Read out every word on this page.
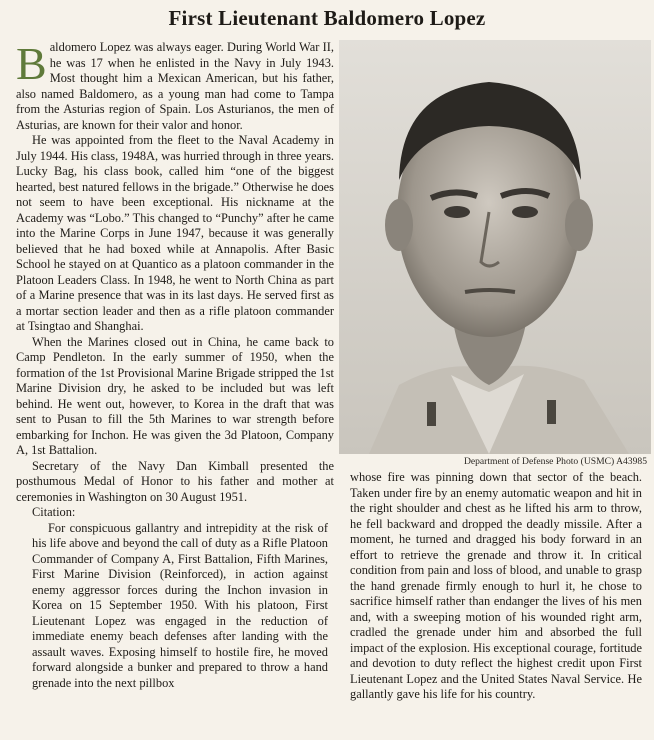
First Lieutenant Baldomero Lopez

Baldomero Lopez was always eager. During World War II, he was 17 when he enlisted in the Navy in July 1943. Most thought him a Mexican American, but his father, also named Baldomero, as a young man had come to Tampa from the Asturias region of Spain. Los Asturianos, the men of Asturias, are known for their valor and honor.

He was appointed from the fleet to the Naval Academy in July 1944. His class, 1948A, was hurried through in three years. Lucky Bag, his class book, called him “one of the biggest hearted, best natured fellows in the brigade.” Otherwise he does not seem to have been exceptional. His nickname at the Academy was “Lobo.” This changed to “Punchy” after he came into the Marine Corps in June 1947, because it was generally believed that he had boxed while at Annapolis. After Basic School he stayed on at Quantico as a platoon commander in the Platoon Leaders Class. In 1948, he went to North China as part of a Marine presence that was in its last days. He served first as a mortar section leader and then as a rifle platoon commander at Tsingtao and Shanghai.

When the Marines closed out in China, he came back to Camp Pendleton. In the early summer of 1950, when the formation of the 1st Provisional Marine Brigade stripped the 1st Marine Division dry, he asked to be included but was left behind. He went out, however, to Korea in the draft that was sent to Pusan to fill the 5th Marines to war strength before embarking for Inchon. He was given the 3d Platoon, Company A, 1st Battalion.

Secretary of the Navy Dan Kimball presented the posthumous Medal of Honor to his father and mother at ceremonies in Washington on 30 August 1951.

Citation:

For conspicuous gallantry and intrepidity at the risk of his life above and beyond the call of duty as a Rifle Platoon Commander of Company A, First Battalion, Fifth Marines, First Marine Division (Reinforced), in action against enemy aggressor forces during the Inchon invasion in Korea on 15 September 1950. With his platoon, First Lieutenant Lopez was engaged in the reduction of immediate enemy beach defenses after landing with the assault waves. Exposing himself to hostile fire, he moved forward alongside a bunker and prepared to throw a hand grenade into the next pillbox

Department of Defense Photo (USMC) A43985

whose fire was pinning down that sector of the beach. Taken under fire by an enemy automatic weapon and hit in the right shoulder and chest as he lifted his arm to throw, he fell backward and dropped the deadly missile. After a moment, he turned and dragged his body forward in an effort to retrieve the grenade and throw it. In critical condition from pain and loss of blood, and unable to grasp the hand grenade firmly enough to hurl it, he chose to sacrifice himself rather than endanger the lives of his men and, with a sweeping motion of his wounded right arm, cradled the grenade under him and absorbed the full impact of the explosion. His exceptional courage, fortitude and devotion to duty reflect the highest credit upon First Lieutenant Lopez and the United States Naval Service. He gallantly gave his life for his country.
